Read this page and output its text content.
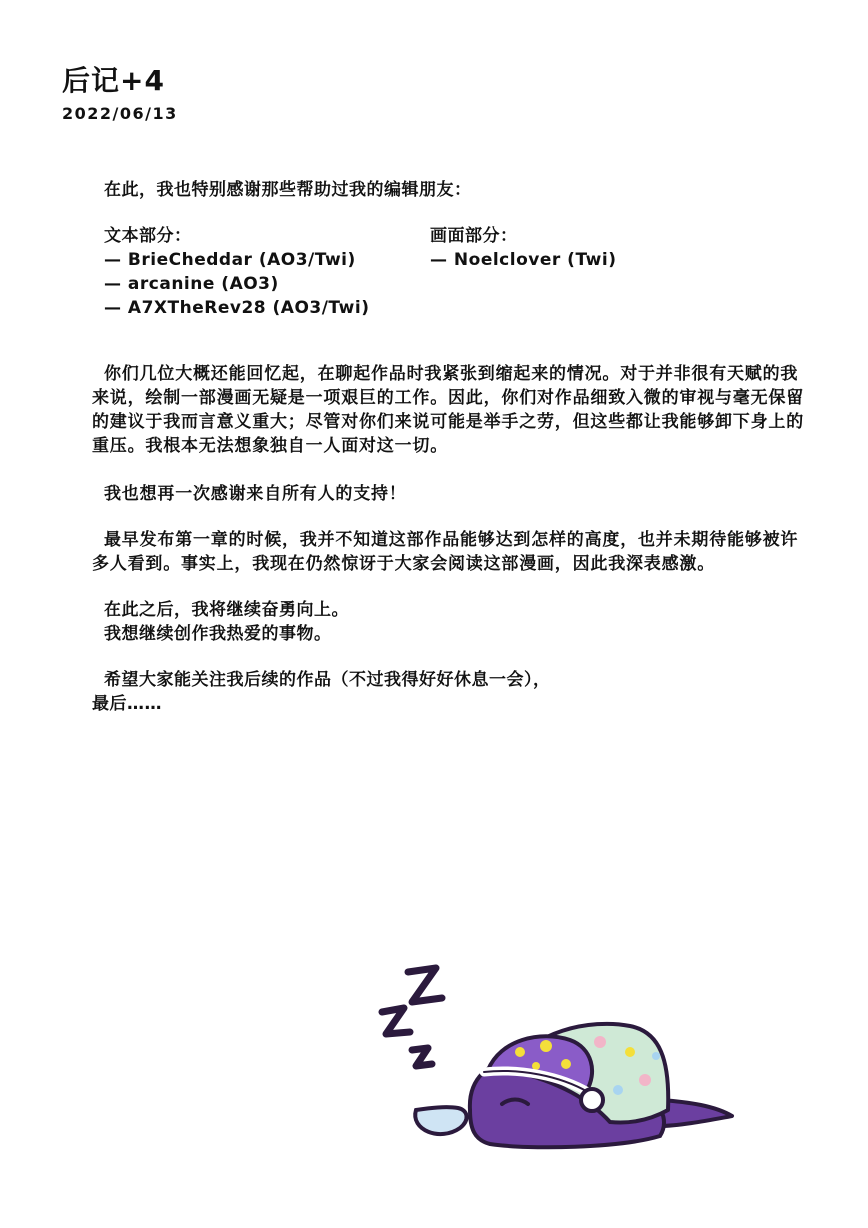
后记+4
2022/06/13
在此，我也特别感谢那些帮助过我的编辑朋友：
文本部分：
— BrieCheddar (AO3/Twi)
— arcanine (AO3)
— A7XTheRev28 (AO3/Twi)
画面部分：
— Noelclover (Twi)

你们几位大概还能回忆起，在聊起作品时我紧张到缩起来的情况。对于并非很有天赋的我来说，绘制一部漫画无疑是一项艰巨的工作。因此，你们对作品细致入微的审视与毫无保留的建议于我而言意义重大；尽管对你们来说可能是举手之劳，但这些都让我能够卸下身上的重压。我根本无法想象独自一人面对这一切。

我也想再一次感谢来自所有人的支持！

最早发布第一章的时候，我并不知道这部作品能够达到怎样的高度，也并未期待能够被许多人看到。事实上，我现在仍然惊讶于大家会阅读这部漫画，因此我深表感激。

在此之后，我将继续奋勇向上。
我想继续创作我热爱的事物。
希望大家能关注我后续的作品（不过我得好好休息一会），
最后……
